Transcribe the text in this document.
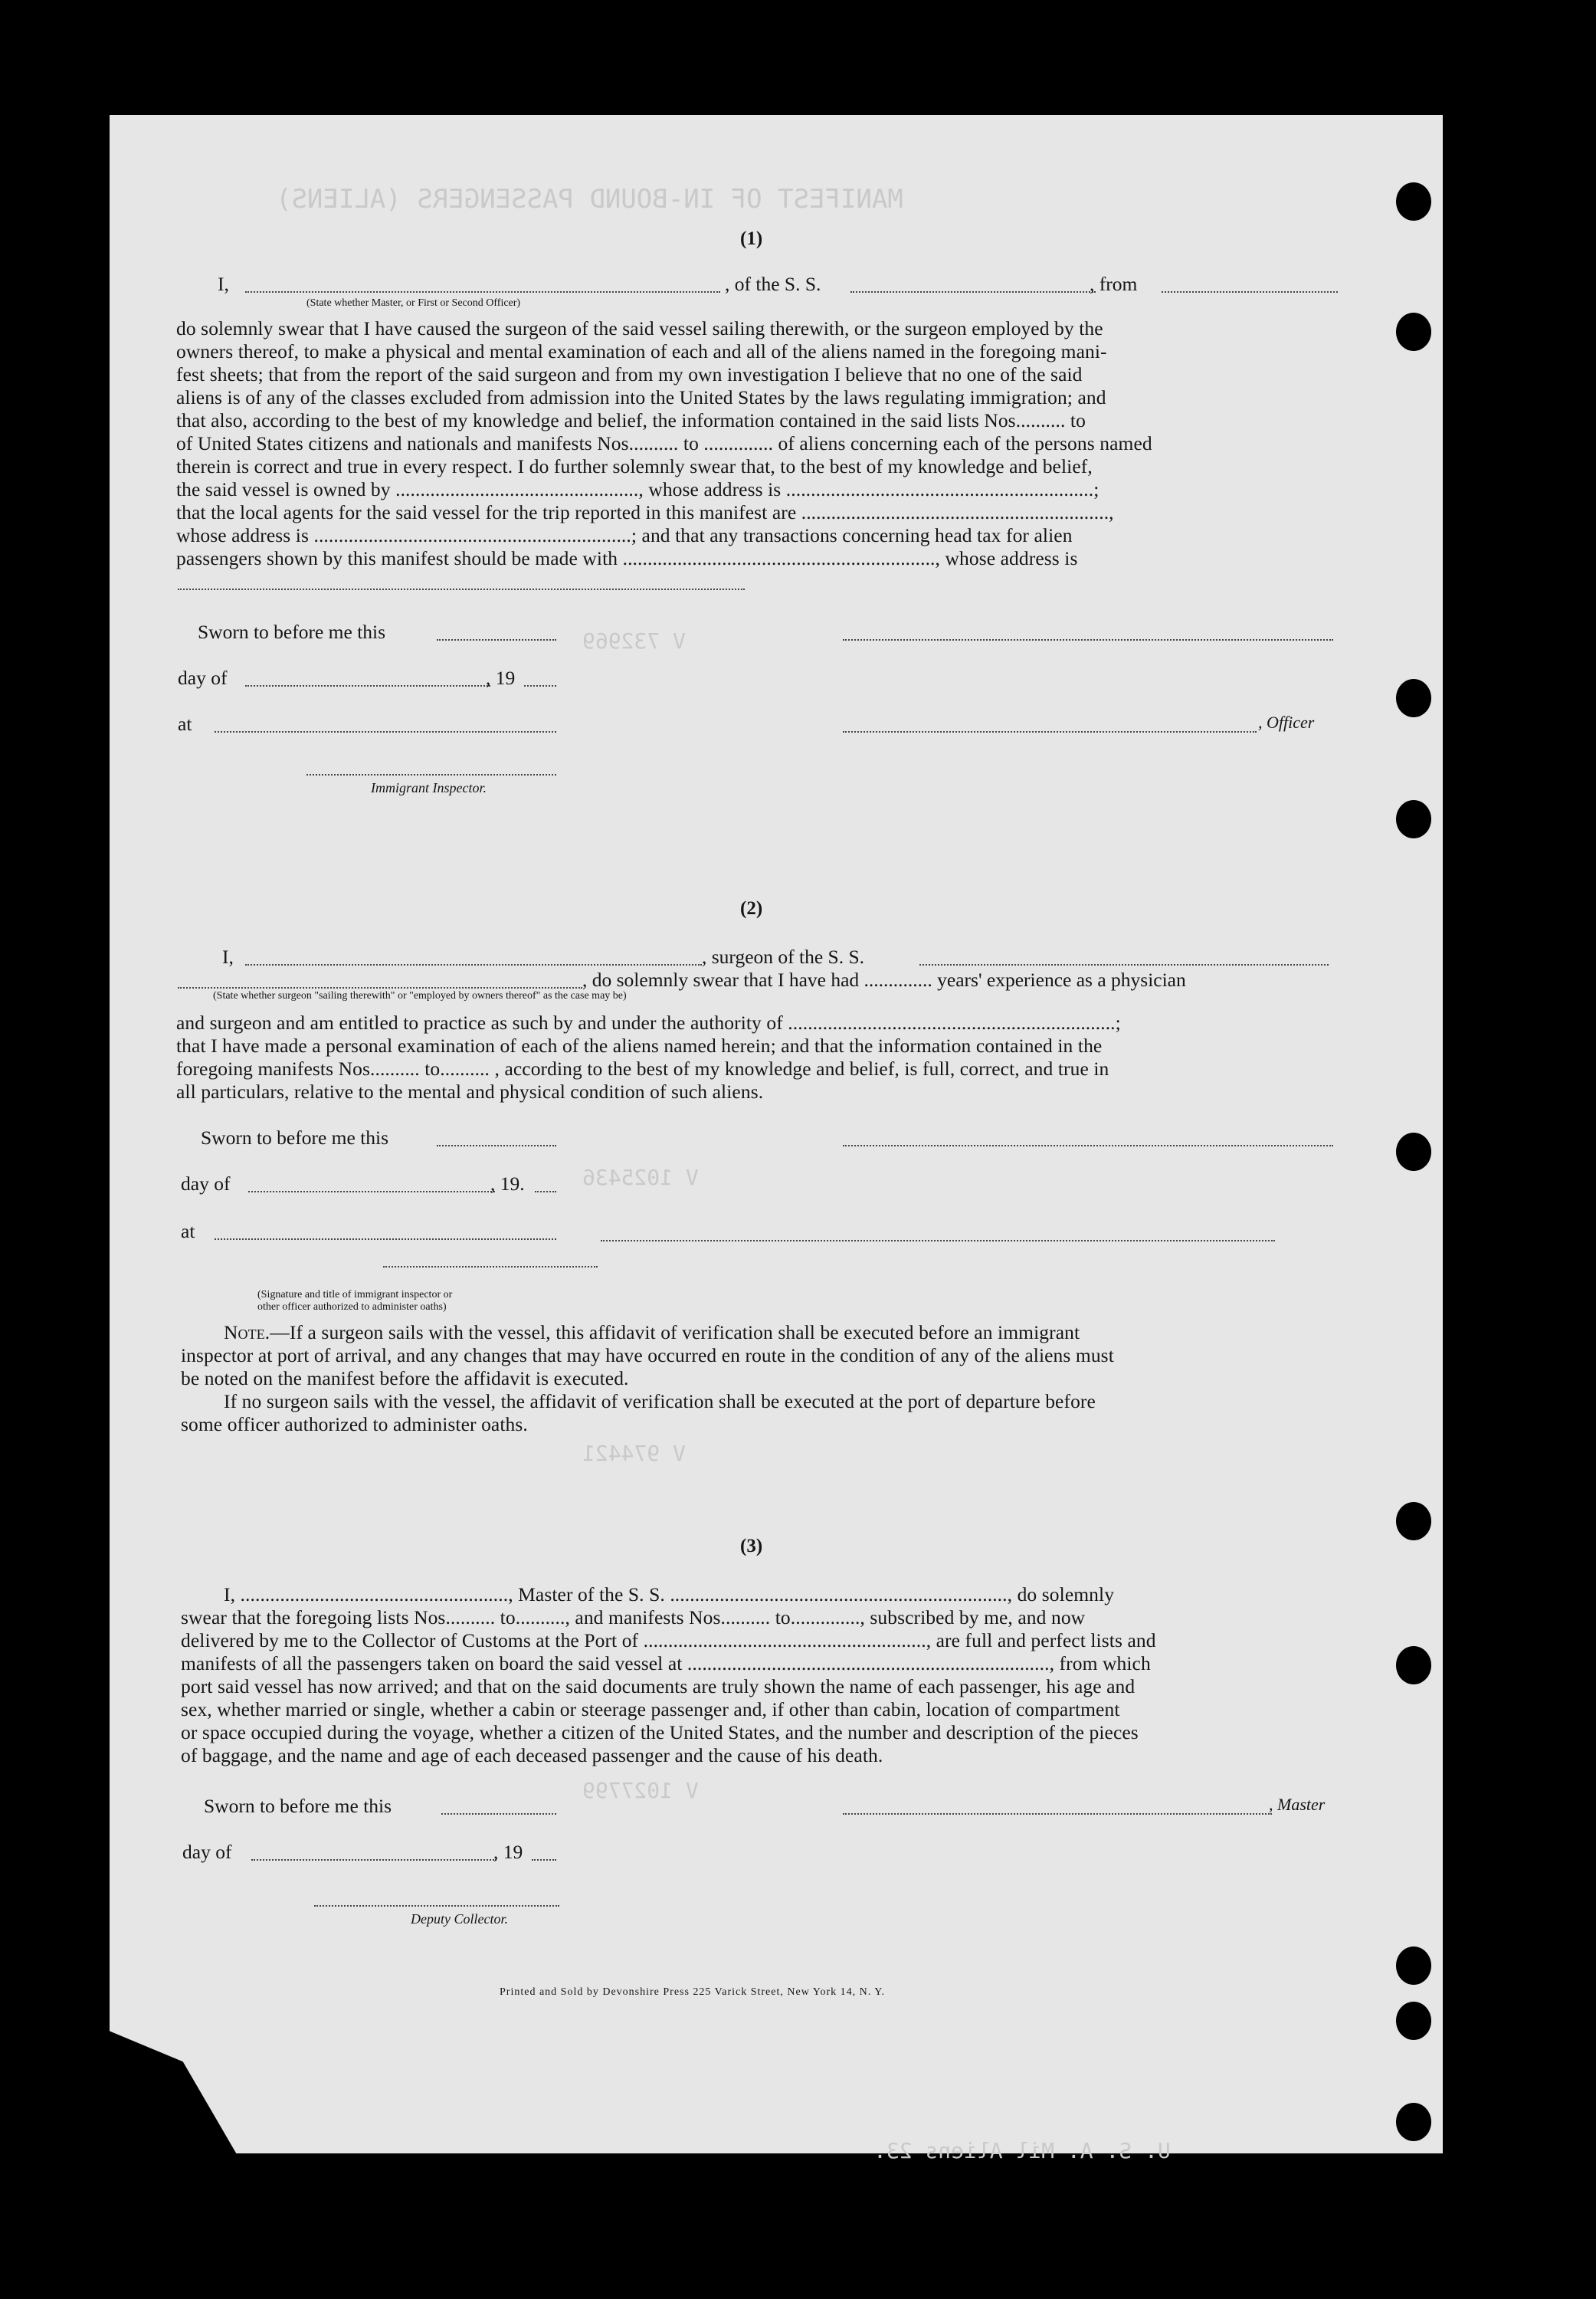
MANIFEST OF IN-BOUND PASSENGERS (ALIENS)
V 732969
V 1025436
V 974421
V 1027799
U. S. A. Mil Aliens 23.
(1)
I,	, of the S. S.	, from
(State whether Master, or First or Second Officer)
do solemnly swear that I have caused the surgeon of the said vessel sailing therewith, or the surgeon employed by the
owners thereof, to make a physical and mental examination of each and all of the aliens named in the foregoing mani-
fest sheets; that from the report of the said surgeon and from my own investigation I believe that no one of the said
aliens is of any of the classes excluded from admission into the United States by the laws regulating immigration; and
that also, according to the best of my knowledge and belief, the information contained in the said lists Nos.......... to
of United States citizens and nationals and manifests Nos.......... to .............. of aliens concerning each of the persons named
therein is correct and true in every respect. I do further solemnly swear that, to the best of my knowledge and belief,
the said vessel is owned by ................................................., whose address is ..............................................................;
that the local agents for the said vessel for the trip reported in this manifest are ..............................................................,
whose address is ................................................................; and that any transactions concerning head tax for alien
passengers shown by this manifest should be made with ..............................................................., whose address is
Sworn to before me this
day of	, 19
at	, Officer
Immigrant Inspector.
(2)
I,	, surgeon of the S. S.
, do solemnly swear that I have had .............. years' experience as a physician
(State whether surgeon "sailing therewith" or "employed by owners thereof" as the case may be)
and surgeon and am entitled to practice as such by and under the authority of ..................................................................;
that I have made a personal examination of each of the aliens named herein; and that the information contained in the
foregoing manifests Nos.......... to.......... , according to the best of my knowledge and belief, is full, correct, and true in
all particulars, relative to the mental and physical condition of such aliens.
Sworn to before me this
day of	, 19.
at
(Signature and title of immigrant inspector or
other officer authorized to administer oaths)
Note.—If a surgeon sails with the vessel, this affidavit of verification shall be executed before an immigrant
inspector at port of arrival, and any changes that may have occurred en route in the condition of any of the aliens must
be noted on the manifest before the affidavit is executed.
If no surgeon sails with the vessel, the affidavit of verification shall be executed at the port of departure before
some officer authorized to administer oaths.
(3)
I, ......................................................, Master of the S. S. ...................................................................., do solemnly
swear that the foregoing lists Nos.......... to.........., and manifests Nos.......... to.............., subscribed by me, and now
delivered by me to the Collector of Customs at the Port of ........................................................., are full and perfect lists and
manifests of all the passengers taken on board the said vessel at ........................................................................., from which
port said vessel has now arrived; and that on the said documents are truly shown the name of each passenger, his age and
sex, whether married or single, whether a cabin or steerage passenger and, if other than cabin, location of compartment
or space occupied during the voyage, whether a citizen of the United States, and the number and description of the pieces
of baggage, and the name and age of each deceased passenger and the cause of his death.
Sworn to before me this	, Master
day of	, 19
Deputy Collector.
Printed and Sold by Devonshire Press 225 Varick Street, New York 14, N. Y.
